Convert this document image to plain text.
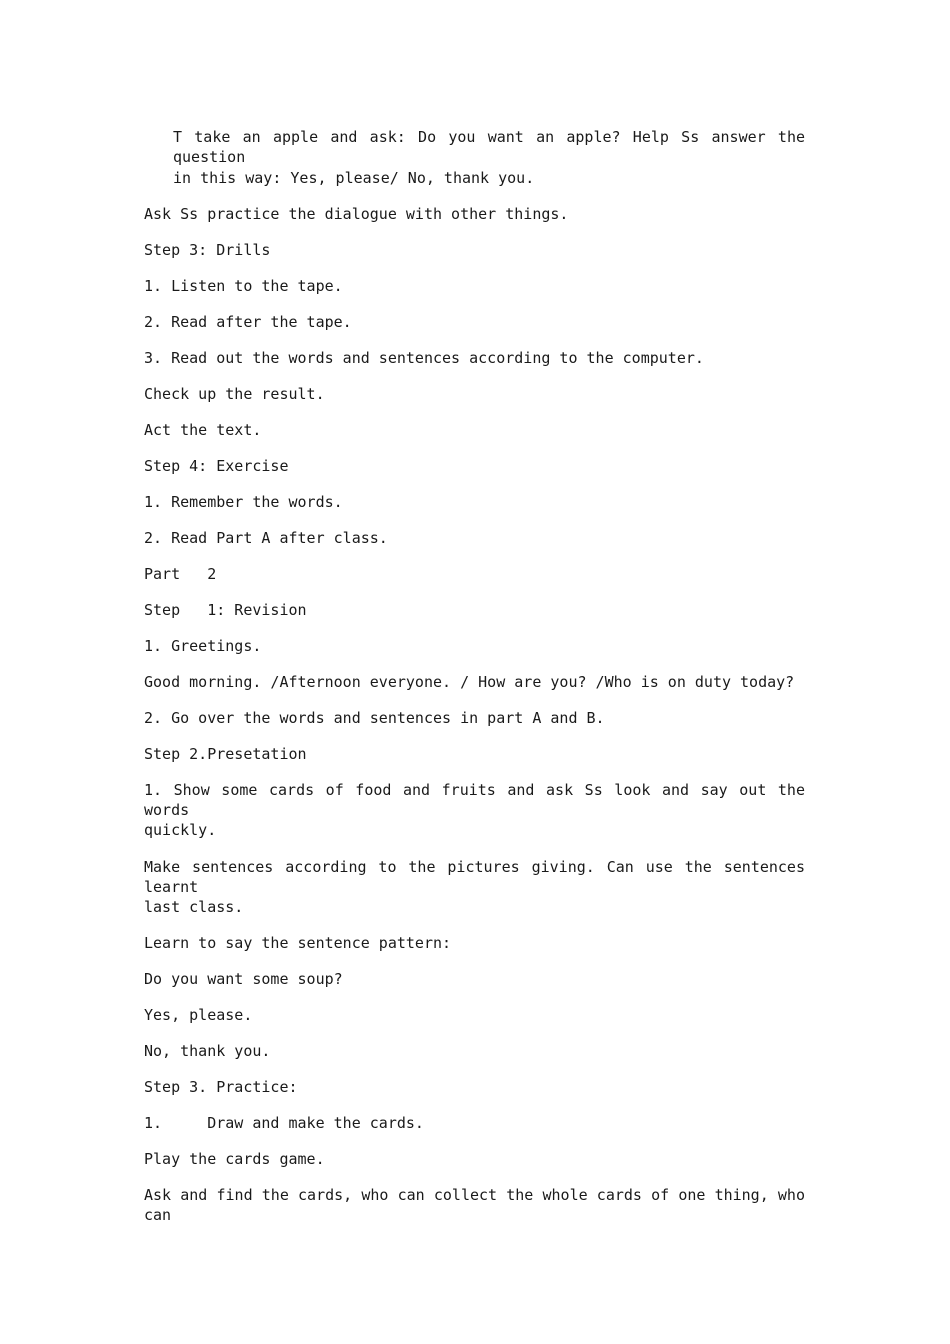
T take an apple and ask: Do you want an apple? Help Ss answer the question

in this way: Yes, please/ No, thank you.

Ask Ss practice the dialogue with other things.

Step 3: Drills

1. Listen to the tape.

2. Read after the tape.

3. Read out the words and sentences according to the computer.

Check up the result.

Act the text.

Step 4: Exercise

1. Remember the words.

2. Read Part A after class.

Part   2

Step   1: Revision

1. Greetings.

Good morning. /Afternoon everyone. / How are you? /Who is on duty today?

2. Go over the words and sentences in part A and B.

Step 2.Presetation

1. Show some cards of food and fruits and ask Ss look and say out the words

quickly.

Make sentences according to the pictures giving. Can use the sentences learnt

last class.

Learn to say the sentence pattern:

Do you want some soup?

Yes, please.

No, thank you.

Step 3. Practice:

1.     Draw and make the cards.

Play the cards game.

Ask and find the cards, who can collect the whole cards of one thing, who can
